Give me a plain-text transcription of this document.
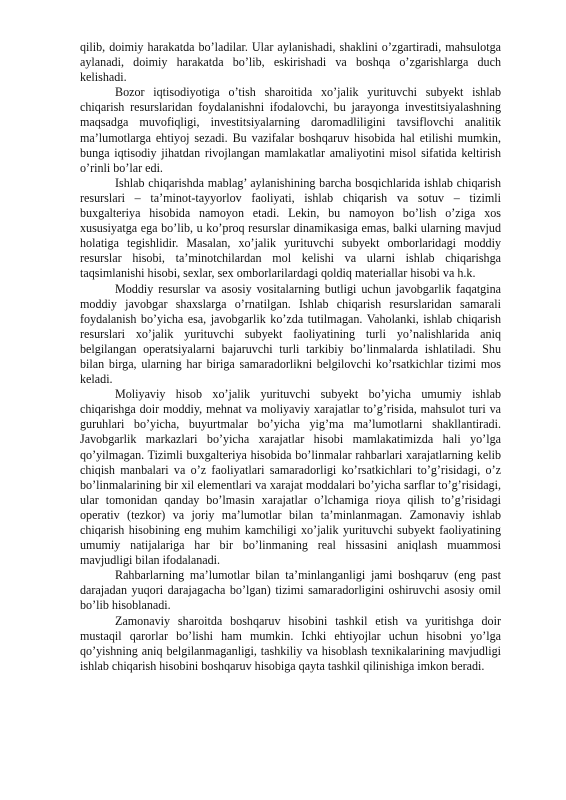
qilib, doimiy harakatda bo’ladilar. Ular aylanishadi, shaklini o’zgartiradi, mahsulotga aylanadi, doimiy harakatda bo’lib, eskirishadi va boshqa o’zgarishlarga duch kelishadi.

Bozor iqtisodiyotiga o’tish sharoitida xo’jalik yurituvchi subyekt ishlab chiqarish resurslaridan foydalanishni ifodalovchi, bu jarayonga investitsiyalashning maqsadga muvofiqligi, investitsiyalarning daromadliligini tavsiflovchi analitik ma’lumotlarga ehtiyoj sezadi. Bu vazifalar boshqaruv hisobida hal etilishi mumkin, bunga iqtisodiy jihatdan rivojlangan mamlakatlar amaliyotini misol sifatida keltirish o’rinli bo’lar edi.

Ishlab chiqarishda mablag’ aylanishining barcha bosqichlarida ishlab chiqarish resurslari – ta’minot-tayyorlov faoliyati, ishlab chiqarish va sotuv – tizimli buxgalteriya hisobida namoyon etadi. Lekin, bu namoyon bo’lish o’ziga xos xususiyatga ega bo’lib, u ko’proq resurslar dinamikasiga emas, balki ularning mavjud holatiga tegishlidir. Masalan, xo’jalik yurituvchi subyekt omborlaridagi moddiy resurslar hisobi, ta’minotchilardan mol kelishi va ularni ishlab chiqarishga taqsimlanishi hisobi, sexlar, sex omborlarilardagi qoldiq materiallar hisobi va h.k.

Moddiy resurslar va asosiy vositalarning butligi uchun javobgarlik faqatgina moddiy javobgar shaxslarga o’rnatilgan. Ishlab chiqarish resurslaridan samarali foydalanish bo’yicha esa, javobgarlik ko’zda tutilmagan. Vaholanki, ishlab chiqarish resurslari xo’jalik yurituvchi subyekt faoliyatining turli yo’nalishlarida aniq belgilangan operatsiyalarni bajaruvchi turli tarkibiy bo’linmalarda ishlatiladi. Shu bilan birga, ularning har biriga samaradorlikni belgilovchi ko’rsatkichlar tizimi mos keladi.

Moliyaviy hisob xo’jalik yurituvchi subyekt bo’yicha umumiy ishlab chiqarishga doir moddiy, mehnat va moliyaviy xarajatlar to’g’risida, mahsulot turi va guruhlari bo’yicha, buyurtmalar bo’yicha yig’ma ma’lumotlarni shakllantiradi. Javobgarlik markazlari bo’yicha xarajatlar hisobi mamlakatimizda hali yo’lga qo’yilmagan. Tizimli buxgalteriya hisobida bo’linmalar rahbarlari xarajatlarning kelib chiqish manbalari va o’z faoliyatlari samaradorligi ko’rsatkichlari to’g’risidagi, o’z bo’linmalarining bir xil elementlari va xarajat moddalari bo’yicha sarflar to’g’risidagi, ular tomonidan qanday bo’lmasin xarajatlar o’lchamiga rioya qilish to’g’risidagi operativ (tezkor) va joriy ma’lumotlar bilan ta’minlanmagan. Zamonaviy ishlab chiqarish hisobining eng muhim kamchiligi xo’jalik yurituvchi subyekt faoliyatining umumiy natijalariga har bir bo’linmaning real hissasini aniqlash muammosi mavjudligi bilan ifodalanadi.

Rahbarlarning ma’lumotlar bilan ta’minlanganligi jami boshqaruv (eng past darajadan yuqori darajagacha bo’lgan) tizimi samaradorligini oshiruvchi asosiy omil bo’lib hisoblanadi.

Zamonaviy sharoitda boshqaruv hisobini tashkil etish va yuritishga doir mustaqil qarorlar bo’lishi ham mumkin. Ichki ehtiyojlar uchun hisobni yo’lga qo’yishning aniq belgilanmaganligi, tashkiliy va hisoblash texnikalarining mavjudligi ishlab chiqarish hisobini boshqaruv hisobiga qayta tashkil qilinishiga imkon beradi.
